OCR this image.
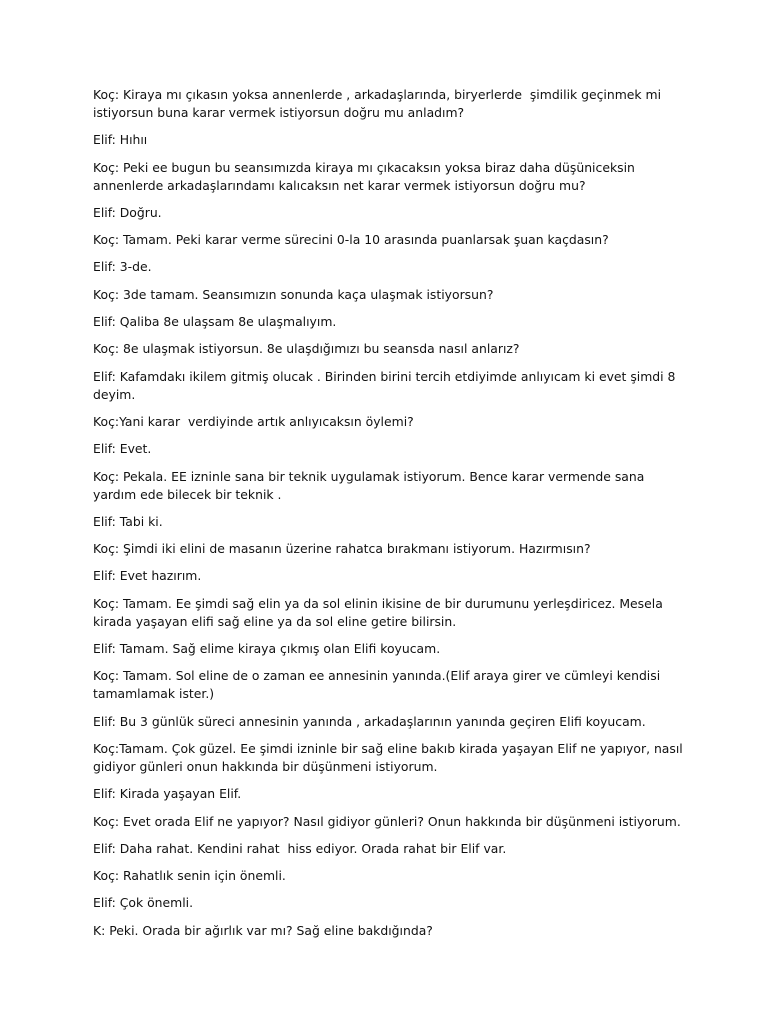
Koç: Kiraya mı çıkasın yoksa annenlerde , arkadaşlarında, biryerlerde  şimdilik geçinmek mi istiyorsun buna karar vermek istiyorsun doğru mu anladım?

Elif: Hıhıı

Koç: Peki ee bugun bu seansımızda kiraya mı çıkacaksın yoksa biraz daha düşüniceksin annenlerde arkadaşlarındamı kalıcaksın net karar vermek istiyorsun doğru mu?

Elif: Doğru.

Koç: Tamam. Peki karar verme sürecini 0-la 10 arasında puanlarsak şuan kaçdasın?

Elif: 3-de.

Koç: 3de tamam. Seansımızın sonunda kaça ulaşmak istiyorsun?

Elif: Qaliba 8e ulaşsam 8e ulaşmalıyım.

Koç: 8e ulaşmak istiyorsun. 8e ulaşdığımızı bu seansda nasıl anlarız?

Elif: Kafamdakı ikilem gitmiş olucak . Birinden birini tercih etdiyimde anlıyıcam ki evet şimdi 8 deyim.

Koç:Yani karar  verdiyinde artık anlıyıcaksın öylemi?

Elif: Evet.

Koç: Pekala. EE izninle sana bir teknik uygulamak istiyorum. Bence karar vermende sana yardım ede bilecek bir teknik .

Elif: Tabi ki.

Koç: Şimdi iki elini de masanın üzerine rahatca bırakmanı istiyorum. Hazırmısın?

Elif: Evet hazırım.

Koç: Tamam. Ee şimdi sağ elin ya da sol elinin ikisine de bir durumunu yerleşdiricez. Mesela kirada yaşayan elifi sağ eline ya da sol eline getire bilirsin.

Elif: Tamam. Sağ elime kiraya çıkmış olan Elifi koyucam.

Koç: Tamam. Sol eline de o zaman ee annesinin yanında.(Elif araya girer ve cümleyi kendisi tamamlamak ister.)

Elif: Bu 3 günlük süreci annesinin yanında , arkadaşlarının yanında geçiren Elifi koyucam.

Koç:Tamam. Çok güzel. Ee şimdi izninle bir sağ eline bakıb kirada yaşayan Elif ne yapıyor, nasıl gidiyor günleri onun hakkında bir düşünmeni istiyorum.

Elif: Kirada yaşayan Elif.

Koç: Evet orada Elif ne yapıyor? Nasıl gidiyor günleri? Onun hakkında bir düşünmeni istiyorum.

Elif: Daha rahat. Kendini rahat  hiss ediyor. Orada rahat bir Elif var.

Koç: Rahatlık senin için önemli.

Elif: Çok önemli.

K: Peki. Orada bir ağırlık var mı? Sağ eline bakdığında?
